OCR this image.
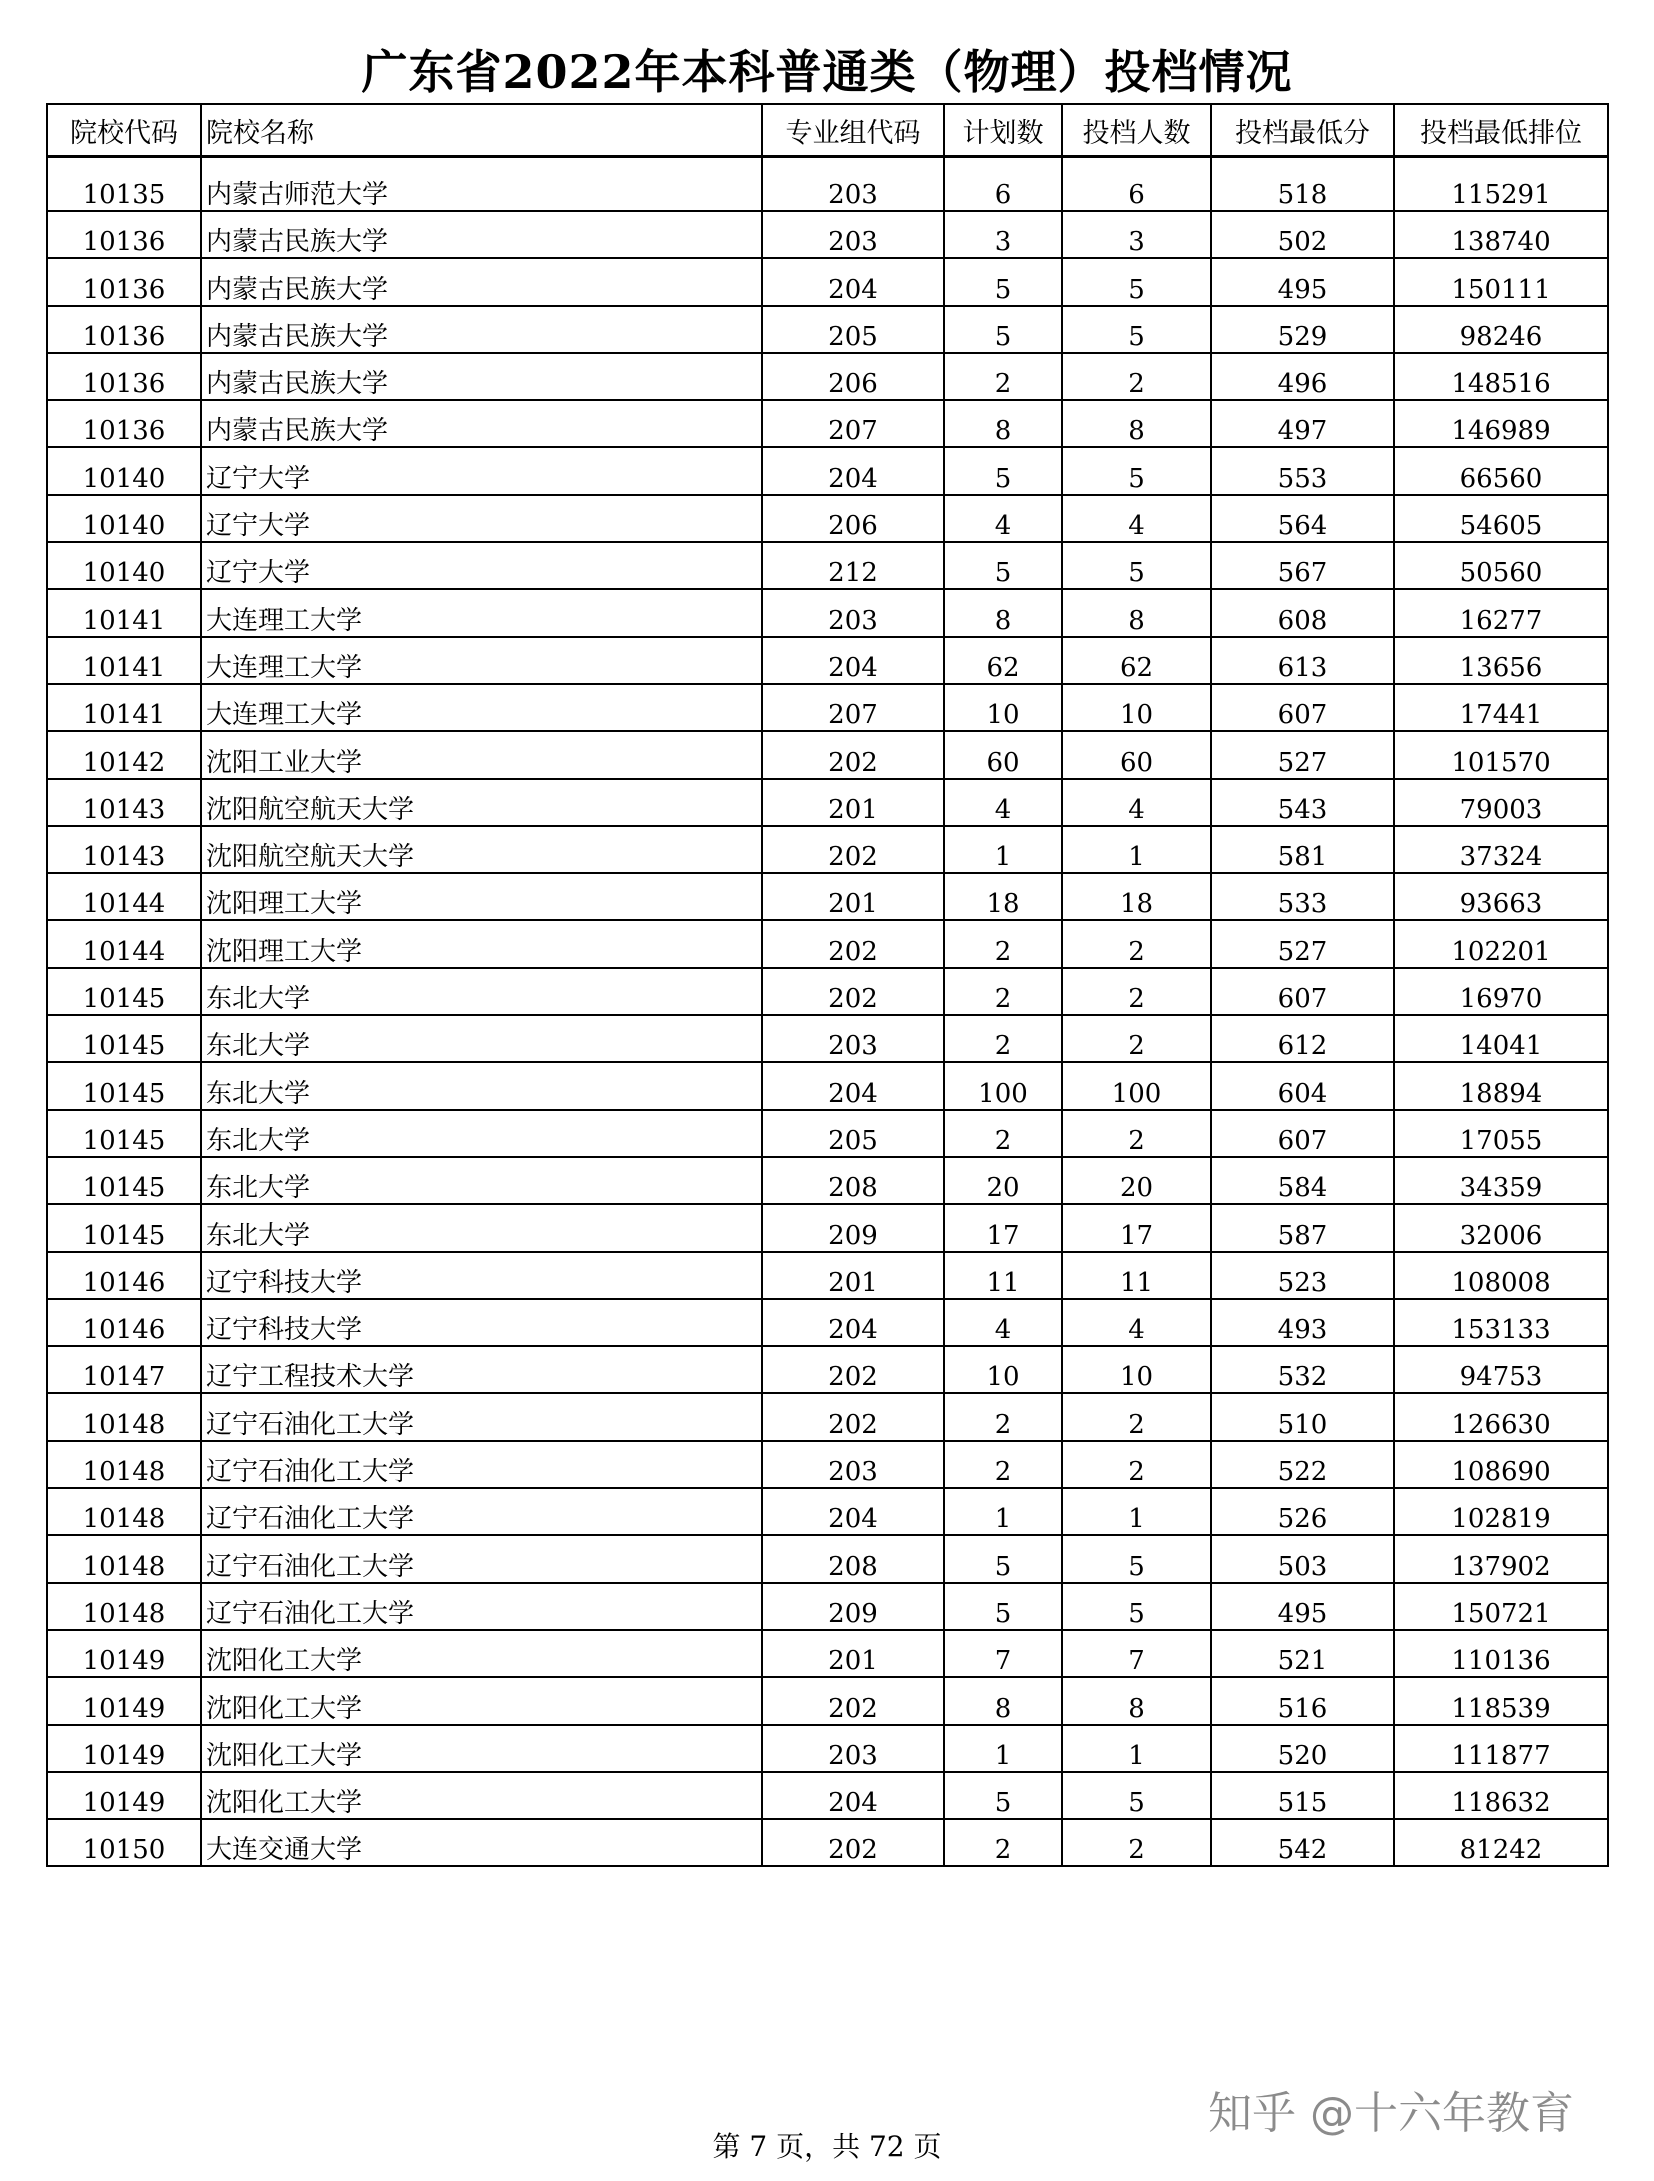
广东省2022年本科普通类（物理）投档情况
院校代码	院校名称	专业组代码	计划数	投档人数	投档最低分	投档最低排位
10135	内蒙古师范大学	203	6	6	518	115291
10136	内蒙古民族大学	203	3	3	502	138740
10136	内蒙古民族大学	204	5	5	495	150111
10136	内蒙古民族大学	205	5	5	529	98246
10136	内蒙古民族大学	206	2	2	496	148516
10136	内蒙古民族大学	207	8	8	497	146989
10140	辽宁大学	204	5	5	553	66560
10140	辽宁大学	206	4	4	564	54605
10140	辽宁大学	212	5	5	567	50560
10141	大连理工大学	203	8	8	608	16277
10141	大连理工大学	204	62	62	613	13656
10141	大连理工大学	207	10	10	607	17441
10142	沈阳工业大学	202	60	60	527	101570
10143	沈阳航空航天大学	201	4	4	543	79003
10143	沈阳航空航天大学	202	1	1	581	37324
10144	沈阳理工大学	201	18	18	533	93663
10144	沈阳理工大学	202	2	2	527	102201
10145	东北大学	202	2	2	607	16970
10145	东北大学	203	2	2	612	14041
10145	东北大学	204	100	100	604	18894
10145	东北大学	205	2	2	607	17055
10145	东北大学	208	20	20	584	34359
10145	东北大学	209	17	17	587	32006
10146	辽宁科技大学	201	11	11	523	108008
10146	辽宁科技大学	204	4	4	493	153133
10147	辽宁工程技术大学	202	10	10	532	94753
10148	辽宁石油化工大学	202	2	2	510	126630
10148	辽宁石油化工大学	203	2	2	522	108690
10148	辽宁石油化工大学	204	1	1	526	102819
10148	辽宁石油化工大学	208	5	5	503	137902
10148	辽宁石油化工大学	209	5	5	495	150721
10149	沈阳化工大学	201	7	7	521	110136
10149	沈阳化工大学	202	8	8	516	118539
10149	沈阳化工大学	203	1	1	520	111877
10149	沈阳化工大学	204	5	5	515	118632
10150	大连交通大学	202	2	2	542	81242
知乎 @十六年教育
第 7 页，共 72 页
